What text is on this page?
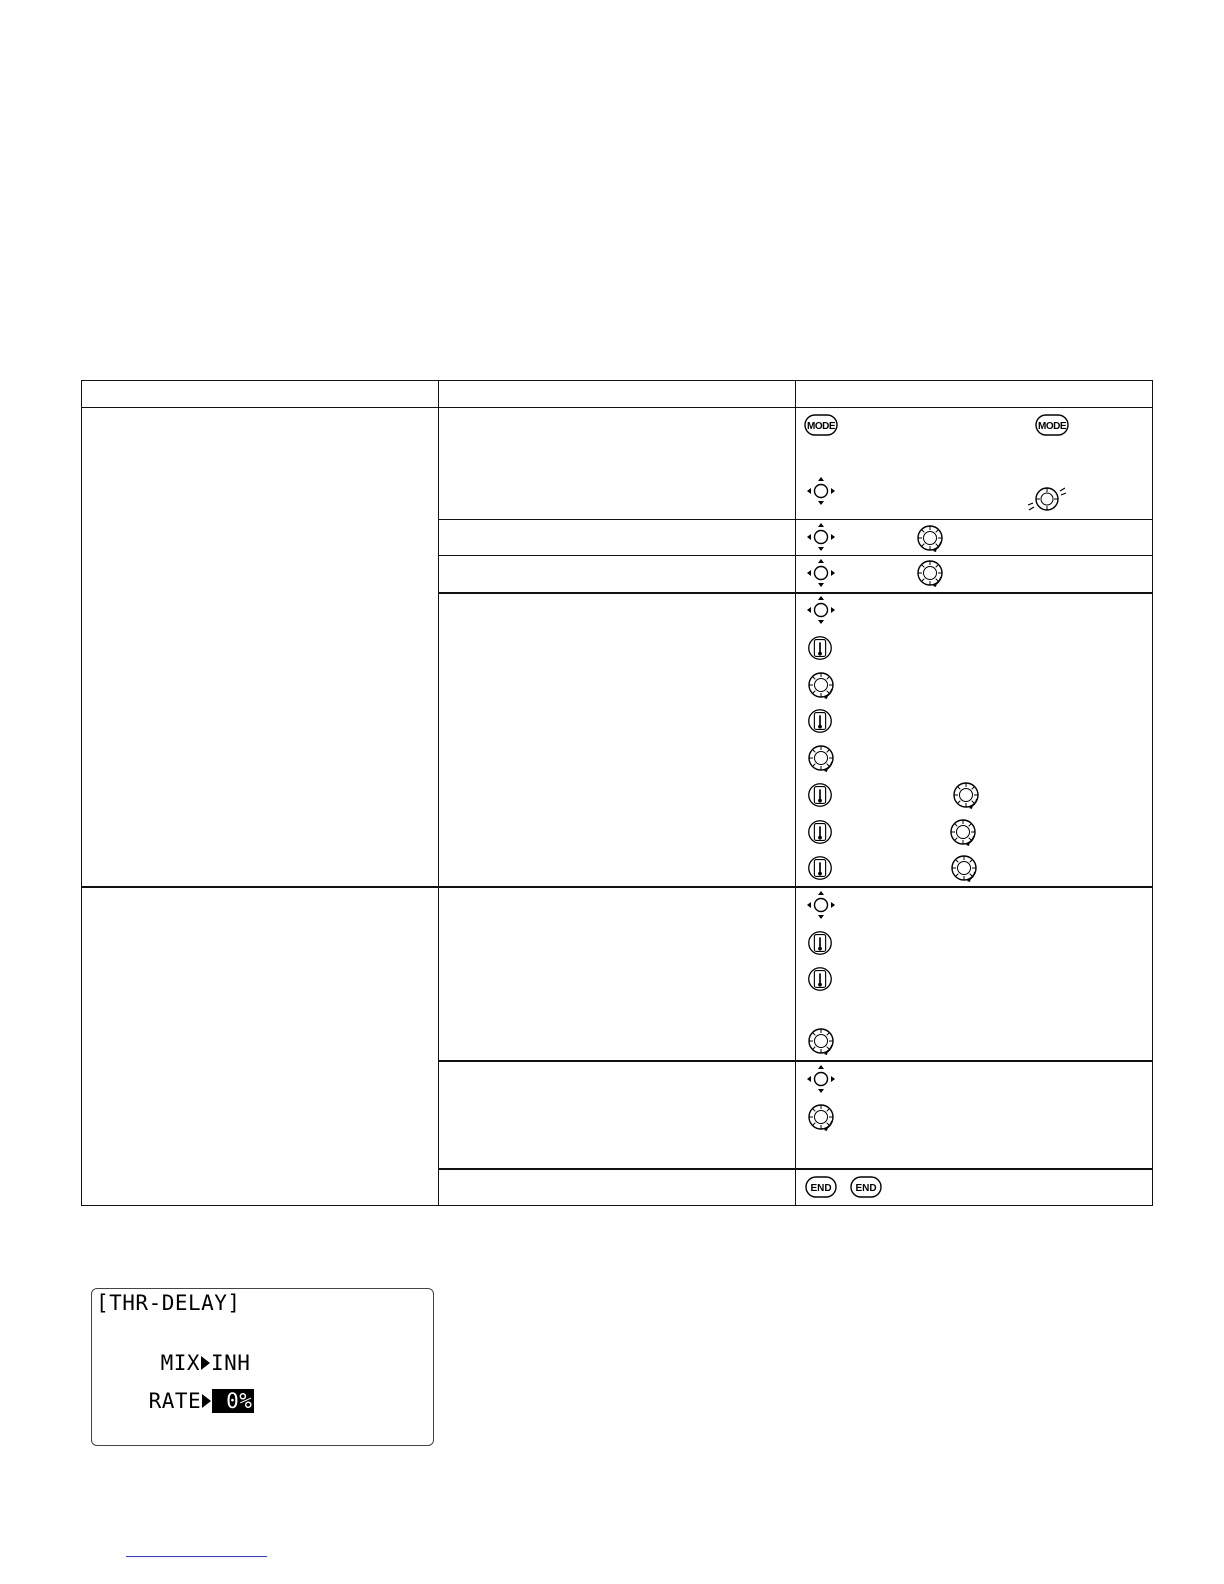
MODE	MODE
END END
[THR-DELAY]

MIX INH

RATE 0%
